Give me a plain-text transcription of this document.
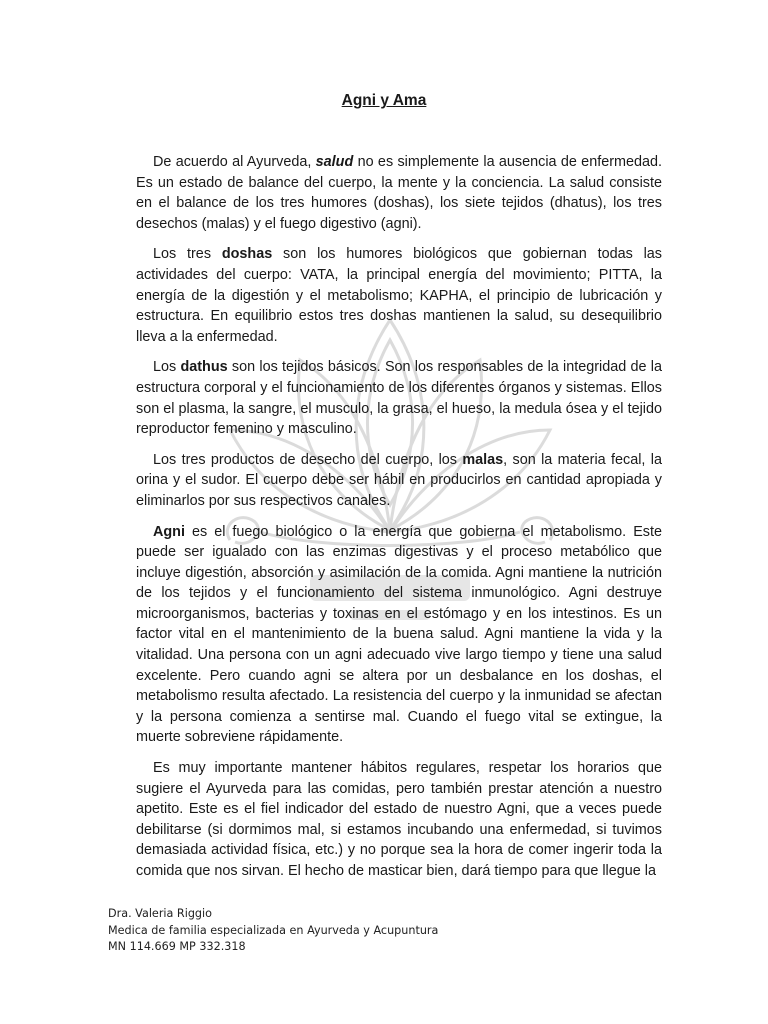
Agni y Ama

De acuerdo al Ayurveda, salud no es simplemente la ausencia de enfermedad. Es un estado de balance del cuerpo, la mente y la conciencia. La salud consiste en el balance de los tres humores (doshas), los siete tejidos (dhatus), los tres desechos (malas) y el fuego digestivo (agni).

Los tres doshas son los humores biológicos que gobiernan todas las actividades del cuerpo: VATA, la principal energía del movimiento; PITTA, la energía de la digestión y el metabolismo; KAPHA, el principio de lubricación y estructura. En equilibrio estos tres doshas mantienen la salud, su desequilibrio lleva a la enfermedad.

Los dathus son los tejidos básicos. Son los responsables de la integridad de la estructura corporal y el funcionamiento de los diferentes órganos y sistemas. Ellos son el plasma, la sangre, el musculo, la grasa, el hueso, la medula ósea y el tejido reproductor femenino y masculino.

Los tres productos de desecho del cuerpo, los malas, son la materia fecal, la orina y el sudor. El cuerpo debe ser hábil en producirlos en cantidad apropiada y eliminarlos por sus respectivos canales.

Agni es el fuego biológico o la energía que gobierna el metabolismo. Este puede ser igualado con las enzimas digestivas y el proceso metabólico que incluye digestión, absorción y asimilación de la comida. Agni mantiene la nutrición de los tejidos y el funcionamiento del sistema inmunológico. Agni destruye microorganismos, bacterias y toxinas en el estómago y en los intestinos. Es un factor vital en el mantenimiento de la buena salud. Agni mantiene la vida y la vitalidad. Una persona con un agni adecuado vive largo tiempo y tiene una salud excelente. Pero cuando agni se altera por un desbalance en los doshas, el metabolismo resulta afectado. La resistencia del cuerpo y la inmunidad se afectan y la persona comienza a sentirse mal. Cuando el fuego vital se extingue, la muerte sobreviene rápidamente.

Es muy importante mantener hábitos regulares, respetar los horarios que sugiere el Ayurveda para las comidas, pero también prestar atención a nuestro apetito. Este es el fiel indicador del estado de nuestro Agni, que a veces puede debilitarse (si dormimos mal, si estamos incubando una enfermedad, si tuvimos demasiada actividad física, etc.) y no porque sea la hora de comer ingerir toda la comida que nos sirvan. El hecho de masticar bien, dará tiempo para que llegue la

Dra. Valeria Riggio
Medica de familia especializada en Ayurveda y Acupuntura
MN 114.669 MP 332.318
